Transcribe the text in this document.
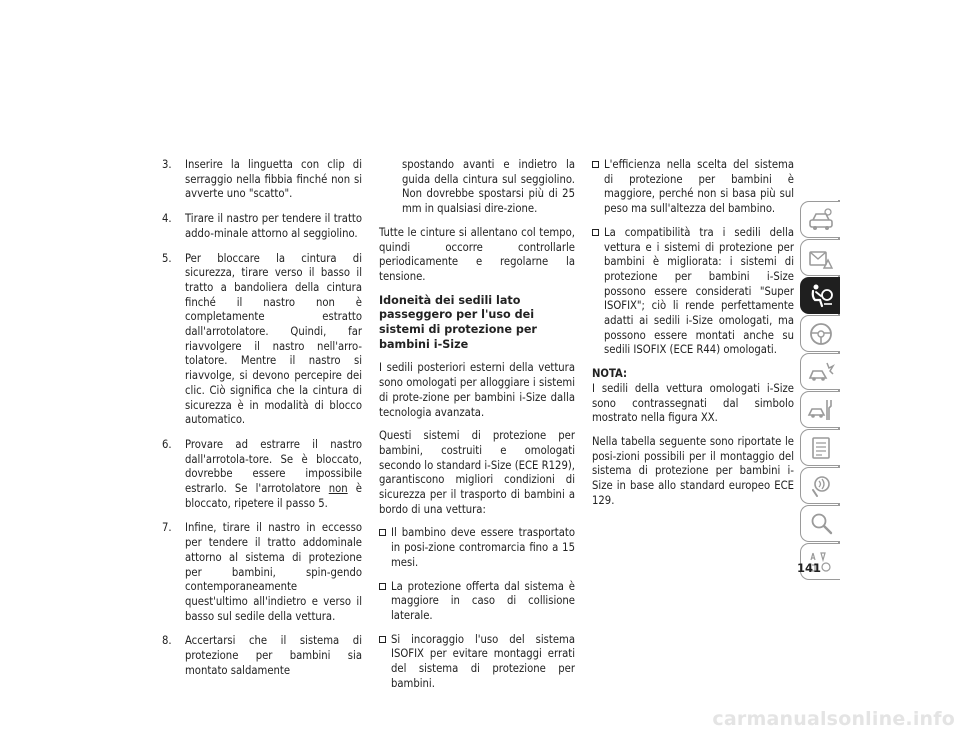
3. Inserire la linguetta con clip di serraggio nella fibbia finché non si avverte uno "scatto".
4. Tirare il nastro per tendere il tratto addo-minale attorno al seggiolino.
5. Per bloccare la cintura di sicurezza, tirare verso il basso il tratto a bandoliera della cintura finché il nastro non è completamente estratto dall'arrotolatore. Quindi, far riavvolgere il nastro nell'arro-tolatore. Mentre il nastro si riavvolge, si devono percepire dei clic. Ciò significa che la cintura di sicurezza è in modalità di blocco automatico.
6. Provare ad estrarre il nastro dall'arrotola-tore. Se è bloccato, dovrebbe essere impossibile estrarlo. Se l'arrotolatore non è bloccato, ripetere il passo 5.
7. Infine, tirare il nastro in eccesso per tendere il tratto addominale attorno al sistema di protezione per bambini, spin-gendo contemporaneamente quest'ultimo all'indietro e verso il basso sul sedile della vettura.
8. Accertarsi che il sistema di protezione per bambini sia montato saldamente

spostando avanti e indietro la guida della cintura sul seggiolino. Non dovrebbe spostarsi più di 25 mm in qualsiasi dire-zione.

Tutte le cinture si allentano col tempo, quindi occorre controllarle periodicamente e regolarne la tensione.

Idoneità dei sedili lato passeggero per l'uso dei sistemi di protezione per bambini i-Size

I sedili posteriori esterni della vettura sono omologati per alloggiare i sistemi di prote-zione per bambini i-Size dalla tecnologia avanzata.

Questi sistemi di protezione per bambini, costruiti e omologati secondo lo standard i-Size (ECE R129), garantiscono migliori condizioni di sicurezza per il trasporto di bambini a bordo di una vettura:

Il bambino deve essere trasportato in posi-zione contromarcia fino a 15 mesi.
La protezione offerta dal sistema è maggiore in caso di collisione laterale.
Si incoraggio l'uso del sistema ISOFIX per evitare montaggi errati del sistema di protezione per bambini.
L'efficienza nella scelta del sistema di protezione per bambini è maggiore, perché non si basa più sul peso ma sull'altezza del bambino.
La compatibilità tra i sedili della vettura e i sistemi di protezione per bambini è migliorata: i sistemi di protezione per bambini i-Size possono essere considerati "Super ISOFIX"; ciò li rende perfettamente adatti ai sedili i-Size omologati, ma possono essere montati anche su sedili ISOFIX (ECE R44) omologati.

NOTA:

I sedili della vettura omologati i-Size sono contrassegnati dal simbolo mostrato nella figura XX.

Nella tabella seguente sono riportate le posi-zioni possibili per il montaggio del sistema di protezione per bambini i-Size in base allo standard europeo ECE 129.

141
carmanualsonline.info
